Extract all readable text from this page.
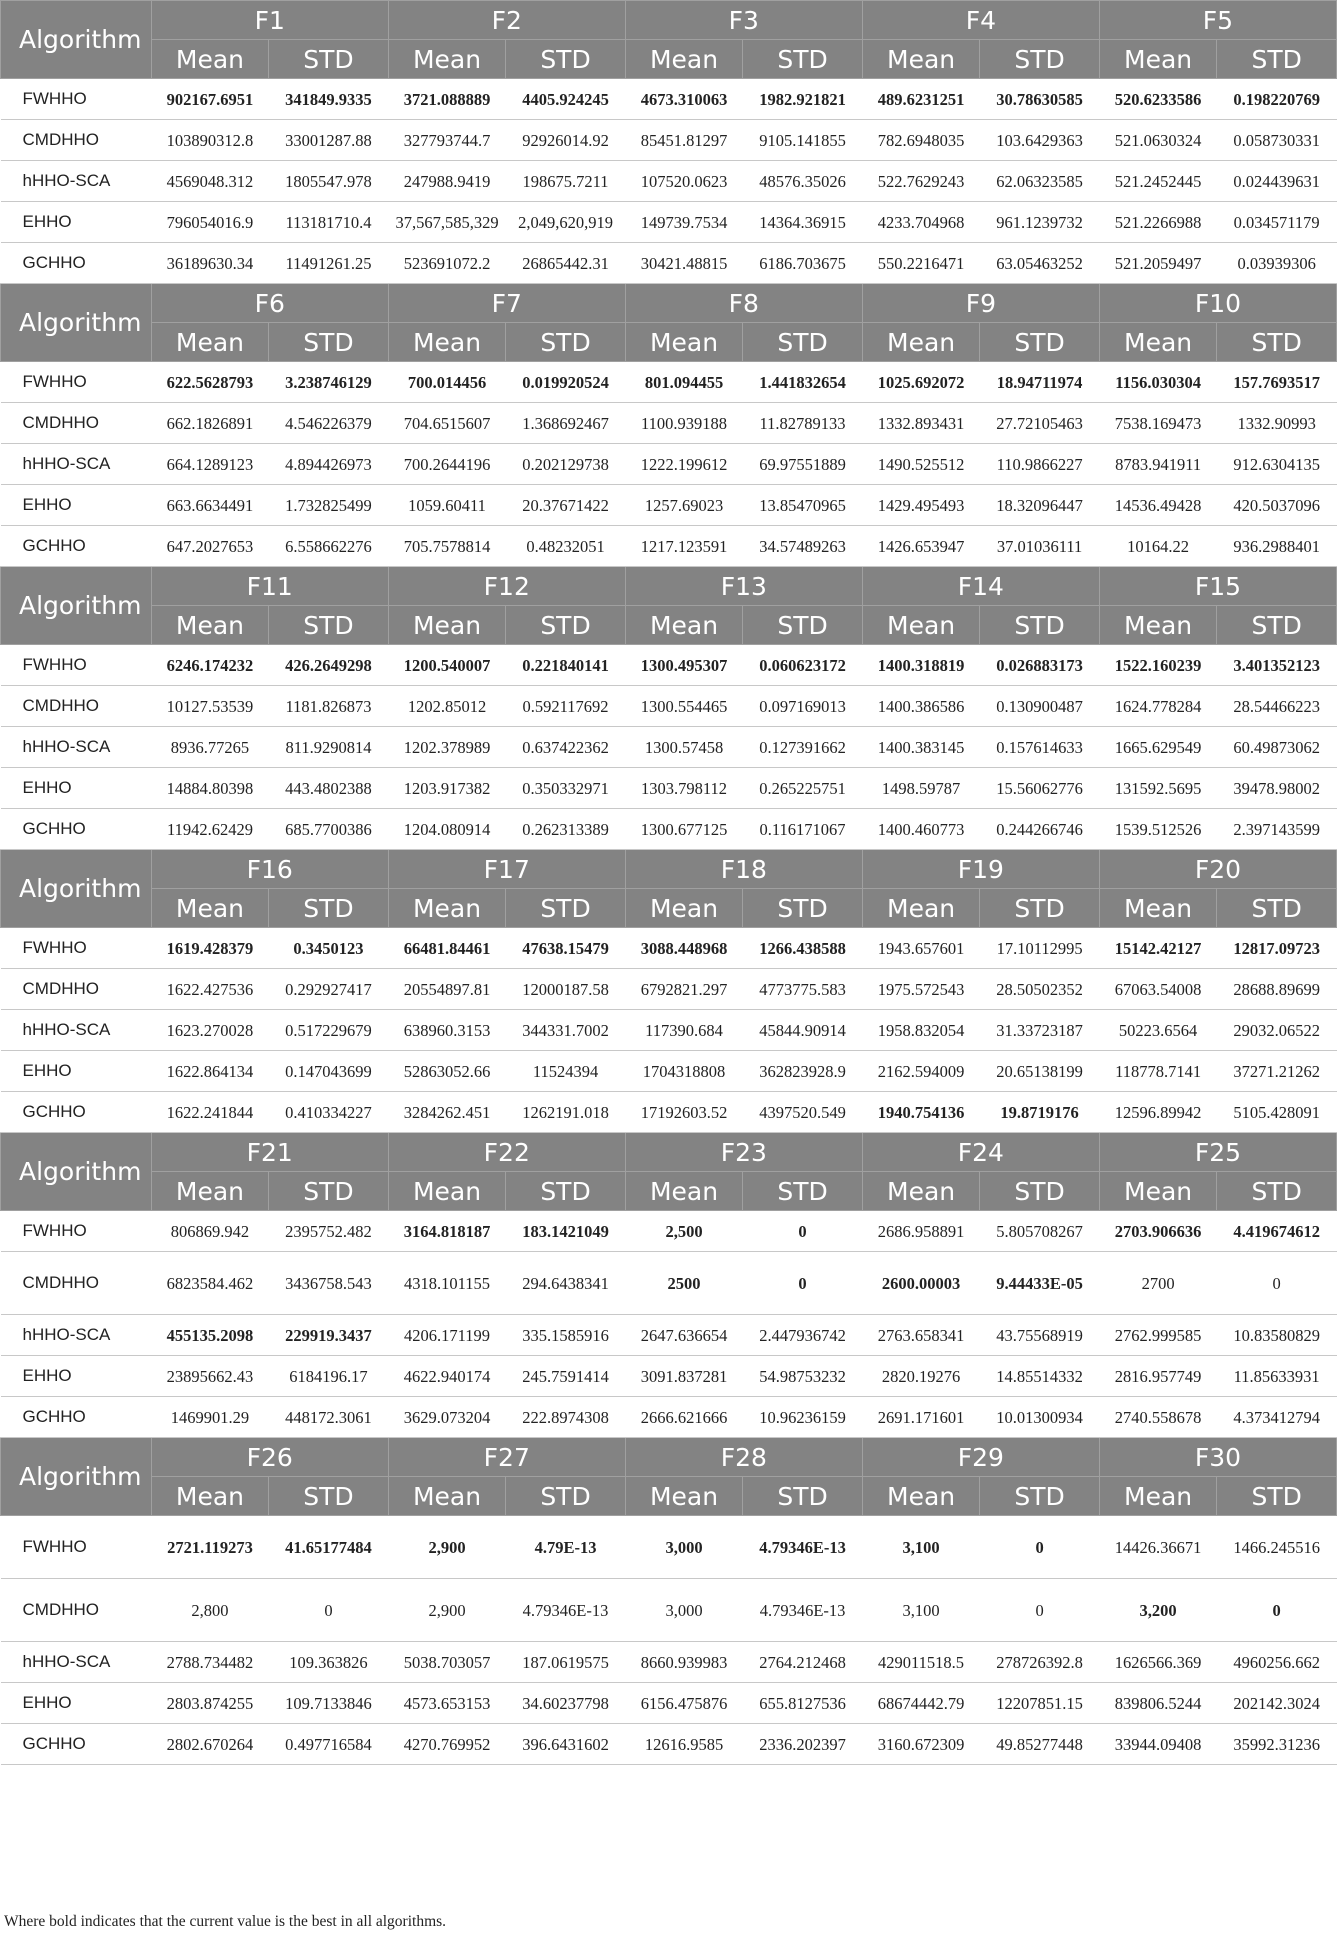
Algorithm	F1		F2		F3		F4		F5	
	Mean	STD	Mean	STD	Mean	STD	Mean	STD	Mean	STD
FWHHO	902167.6951	341849.9335	3721.088889	4405.924245	4673.310063	1982.921821	489.6231251	30.78630585	520.6233586	0.198220769
CMDHHO	103890312.8	33001287.88	327793744.7	92926014.92	85451.81297	9105.141855	782.6948035	103.6429363	521.0630324	0.058730331
hHHO-SCA	4569048.312	1805547.978	247988.9419	198675.7211	107520.0623	48576.35026	522.7629243	62.06323585	521.2452445	0.024439631
EHHO	796054016.9	113181710.4	37,567,585,329	2,049,620,919	149739.7534	14364.36915	4233.704968	961.1239732	521.2266988	0.034571179
GCHHO	36189630.34	11491261.25	523691072.2	26865442.31	30421.48815	6186.703675	550.2216471	63.05463252	521.2059497	0.03939306
Algorithm	F6		F7		F8		F9		F10	
	Mean	STD	Mean	STD	Mean	STD	Mean	STD	Mean	STD
FWHHO	622.5628793	3.238746129	700.014456	0.019920524	801.094455	1.441832654	1025.692072	18.94711974	1156.030304	157.7693517
CMDHHO	662.1826891	4.546226379	704.6515607	1.368692467	1100.939188	11.82789133	1332.893431	27.72105463	7538.169473	1332.90993
hHHO-SCA	664.1289123	4.894426973	700.2644196	0.202129738	1222.199612	69.97551889	1490.525512	110.9866227	8783.941911	912.6304135
EHHO	663.6634491	1.732825499	1059.60411	20.37671422	1257.69023	13.85470965	1429.495493	18.32096447	14536.49428	420.5037096
GCHHO	647.2027653	6.558662276	705.7578814	0.48232051	1217.123591	34.57489263	1426.653947	37.01036111	10164.22	936.2988401
Algorithm	F11		F12		F13		F14		F15	
	Mean	STD	Mean	STD	Mean	STD	Mean	STD	Mean	STD
FWHHO	6246.174232	426.2649298	1200.540007	0.221840141	1300.495307	0.060623172	1400.318819	0.026883173	1522.160239	3.401352123
CMDHHO	10127.53539	1181.826873	1202.85012	0.592117692	1300.554465	0.097169013	1400.386586	0.130900487	1624.778284	28.54466223
hHHO-SCA	8936.77265	811.9290814	1202.378989	0.637422362	1300.57458	0.127391662	1400.383145	0.157614633	1665.629549	60.49873062
EHHO	14884.80398	443.4802388	1203.917382	0.350332971	1303.798112	0.265225751	1498.59787	15.56062776	131592.5695	39478.98002
GCHHO	11942.62429	685.7700386	1204.080914	0.262313389	1300.677125	0.116171067	1400.460773	0.244266746	1539.512526	2.397143599
Algorithm	F16		F17		F18		F19		F20	
	Mean	STD	Mean	STD	Mean	STD	Mean	STD	Mean	STD
FWHHO	1619.428379	0.3450123	66481.84461	47638.15479	3088.448968	1266.438588	1943.657601	17.10112995	15142.42127	12817.09723
CMDHHO	1622.427536	0.292927417	20554897.81	12000187.58	6792821.297	4773775.583	1975.572543	28.50502352	67063.54008	28688.89699
hHHO-SCA	1623.270028	0.517229679	638960.3153	344331.7002	117390.684	45844.90914	1958.832054	31.33723187	50223.6564	29032.06522
EHHO	1622.864134	0.147043699	52863052.66	11524394	1704318808	362823928.9	2162.594009	20.65138199	118778.7141	37271.21262
GCHHO	1622.241844	0.410334227	3284262.451	1262191.018	17192603.52	4397520.549	1940.754136	19.8719176	12596.89942	5105.428091
Algorithm	F21		F22		F23		F24		F25	
	Mean	STD	Mean	STD	Mean	STD	Mean	STD	Mean	STD
FWHHO	806869.942	2395752.482	3164.818187	183.1421049	2,500	0	2686.958891	5.805708267	2703.906636	4.419674612
CMDHHO	6823584.462	3436758.543	4318.101155	294.6438341	2500	0	2600.00003	9.44433E-05	2700	0
hHHO-SCA	455135.2098	229919.3437	4206.171199	335.1585916	2647.636654	2.447936742	2763.658341	43.75568919	2762.999585	10.83580829
EHHO	23895662.43	6184196.17	4622.940174	245.7591414	3091.837281	54.98753232	2820.19276	14.85514332	2816.957749	11.85633931
GCHHO	1469901.29	448172.3061	3629.073204	222.8974308	2666.621666	10.96236159	2691.171601	10.01300934	2740.558678	4.373412794
Algorithm	F26		F27		F28		F29		F30	
	Mean	STD	Mean	STD	Mean	STD	Mean	STD	Mean	STD
FWHHO	2721.119273	41.65177484	2,900	4.79E-13	3,000	4.79346E-13	3,100	0	14426.36671	1466.245516
CMDHHO	2,800	0	2,900	4.79346E-13	3,000	4.79346E-13	3,100	0	3,200	0
hHHO-SCA	2788.734482	109.363826	5038.703057	187.0619575	8660.939983	2764.212468	429011518.5	278726392.8	1626566.369	4960256.662
EHHO	2803.874255	109.7133846	4573.653153	34.60237798	6156.475876	655.8127536	68674442.79	12207851.15	839806.5244	202142.3024
GCHHO	2802.670264	0.497716584	4270.769952	396.6431602	12616.9585	2336.202397	3160.672309	49.85277448	33944.09408	35992.31236
Where bold indicates that the current value is the best in all algorithms.
